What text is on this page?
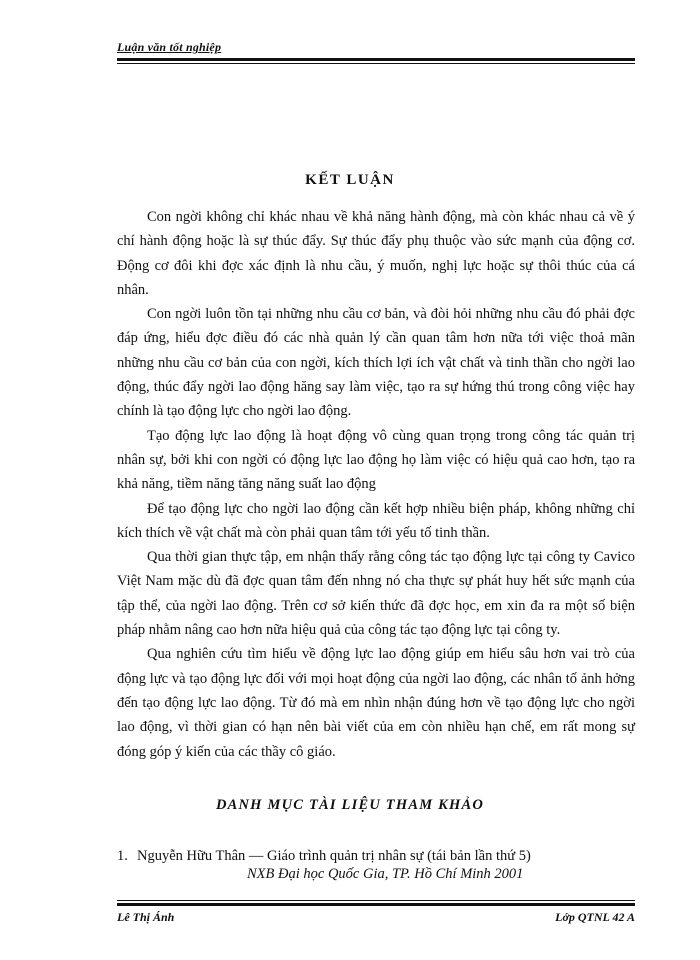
Luận văn tốt nghiệp
KẾT LUẬN

Con ngời không chỉ khác nhau về khả năng hành động, mà còn khác nhau cả về ý chí hành động hoặc là sự thúc đẩy. Sự thúc đẩy phụ thuộc vào sức mạnh của động cơ. Động cơ đôi khi đợc xác định là nhu cầu, ý muốn, nghị lực hoặc sự thôi thúc của cá nhân.

Con ngời luôn tồn tại những nhu cầu cơ bản, và đòi hỏi những nhu cầu đó phải đợc đáp ứng, hiểu đợc điều đó các nhà quản lý cần quan tâm hơn nữa tới việc thoả mãn những nhu cầu cơ bản của con ngời, kích thích lợi ích vật chất và tinh thần cho ngời lao động, thúc đẩy ngời lao động hăng say làm việc, tạo ra sự hứng thú trong công việc hay chính là tạo động lực cho ngời lao động.

Tạo động lực lao động là hoạt động vô cùng quan trọng trong công tác quản trị nhân sự, bởi khi con ngời có động lực lao động họ làm việc có hiệu quả cao hơn, tạo ra khả năng, tiềm năng tăng năng suất lao động

Để tạo động lực cho ngời lao động cần kết hợp nhiều biện pháp, không những chỉ kích thích về vật chất mà còn phải quan tâm tới yếu tố tinh thần.

Qua thời gian thực tập, em nhận thấy rằng công tác tạo động lực tại công ty Cavico Việt Nam mặc dù đã đợc quan tâm đến nhng nó cha thực sự phát huy hết sức mạnh của tập thể, của ngời lao động. Trên cơ sở kiến thức đã đợc học, em xin đa ra một số biện pháp nhằm nâng cao hơn nữa hiệu quả của công tác tạo động lực tại công ty.

Qua nghiên cứu tìm hiểu về động lực lao động giúp em hiểu sâu hơn vai trò của động lực và tạo động lực đối với mọi hoạt động của ngời lao động, các nhân tố ảnh hởng đến tạo động lực lao động. Từ đó mà em nhìn nhận đúng hơn về tạo động lực cho ngời lao động, vì thời gian có hạn nên bài viết của em còn nhiều hạn chế, em rất mong sự đóng góp ý kiến của các thầy cô giáo.

DANH MỤC TÀI LIỆU THAM KHẢO
1. Nguyễn Hữu Thân — Giáo trình quản trị nhân sự (tái bản lần thứ 5)
NXB Đại học Quốc Gia, TP. Hồ Chí Minh 2001
Lê Thị Ánh	Lớp QTNL 42 A
